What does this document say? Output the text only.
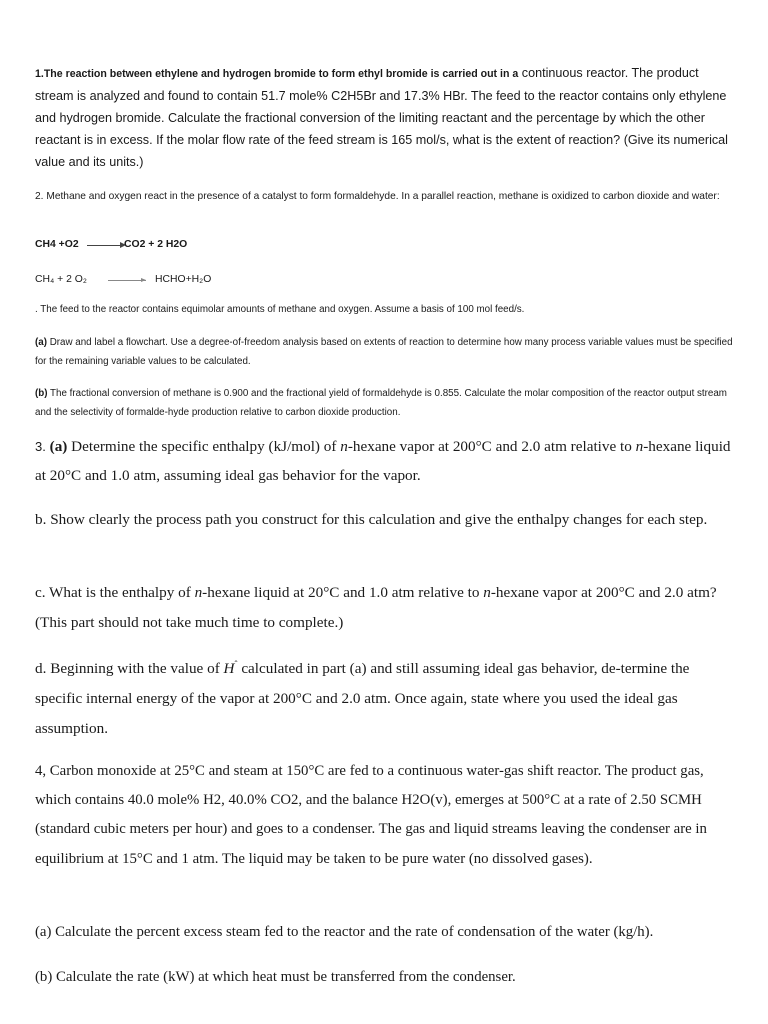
1.The reaction between ethylene and hydrogen bromide to form ethyl bromide is carried out in a continuous reactor. The product stream is analyzed and found to contain 51.7 mole% C2H5Br and 17.3% HBr. The feed to the reactor contains only ethylene and hydrogen bromide. Calculate the fractional conversion of the limiting reactant and the percentage by which the other reactant is in excess. If the molar flow rate of the feed stream is 165 mol/s, what is the extent of reaction? (Give its numerical value and its units.)

2. Methane and oxygen react in the presence of a catalyst to form formaldehyde. In a parallel reaction, methane is oxidized to carbon dioxide and water:

CH4 +O2 → CO2 + 2 H2O
CH₄ + 2 O₂ → HCHO+H₂O

. The feed to the reactor contains equimolar amounts of methane and oxygen. Assume a basis of 100 mol feed/s.

(a) Draw and label a flowchart. Use a degree-of-freedom analysis based on extents of reaction to determine how many process variable values must be specified for the remaining variable values to be calculated.

(b) The fractional conversion of methane is 0.900 and the fractional yield of formaldehyde is 0.855. Calculate the molar composition of the reactor output stream and the selectivity of formalde-hyde production relative to carbon dioxide production.

3. (a) Determine the specific enthalpy (kJ/mol) of n-hexane vapor at 200°C and 2.0 atm relative to n-hexane liquid at 20°C and 1.0 atm, assuming ideal gas behavior for the vapor.

b. Show clearly the process path you construct for this calculation and give the enthalpy changes for each step.

c. What is the enthalpy of n-hexane liquid at 20°C and 1.0 atm relative to n-hexane vapor at 200°C and 2.0 atm? (This part should not take much time to complete.)

d. Beginning with the value of $H^ˆ$ calculated in part (a) and still assuming ideal gas behavior, de-termine the specific internal energy of the vapor at 200°C and 2.0 atm. Once again, state where you used the ideal gas assumption.

4, Carbon monoxide at 25°C and steam at 150°C are fed to a continuous water-gas shift reactor. The product gas, which contains 40.0 mole% H2, 40.0% CO2, and the balance H2O(v), emerges at 500°C at a rate of 2.50 SCMH (standard cubic meters per hour) and goes to a condenser. The gas and liquid streams leaving the condenser are in equilibrium at 15°C and 1 atm. The liquid may be taken to be pure water (no dissolved gases).

(a) Calculate the percent excess steam fed to the reactor and the rate of condensation of the water (kg/h).

(b) Calculate the rate (kW) at which heat must be transferred from the condenser.
